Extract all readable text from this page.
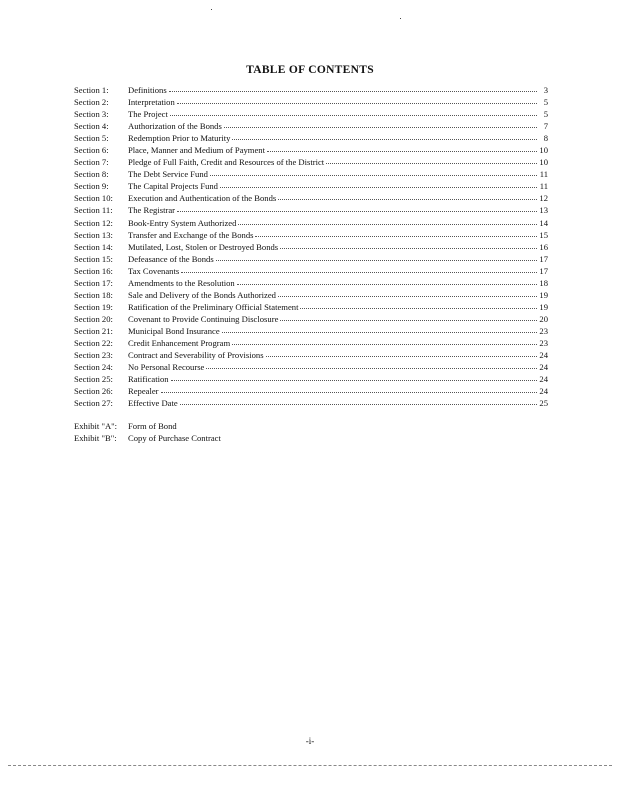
TABLE OF CONTENTS
Section 1:	Definitions	3
Section 2:	Interpretation	5
Section 3:	The Project	5
Section 4:	Authorization of the Bonds	7
Section 5:	Redemption Prior to Maturity	8
Section 6:	Place, Manner and Medium of Payment	10
Section 7:	Pledge of Full Faith, Credit and Resources of the District	10
Section 8:	The Debt Service Fund	11
Section 9:	The Capital Projects Fund	11
Section 10:	Execution and Authentication of the Bonds	12
Section 11:	The Registrar	13
Section 12:	Book-Entry System Authorized	14
Section 13:	Transfer and Exchange of the Bonds	15
Section 14:	Mutilated, Lost, Stolen or Destroyed Bonds	16
Section 15:	Defeasance of the Bonds	17
Section 16:	Tax Covenants	17
Section 17:	Amendments to the Resolution	18
Section 18:	Sale and Delivery of the Bonds Authorized	19
Section 19:	Ratification of the Preliminary Official Statement	19
Section 20:	Covenant to Provide Continuing Disclosure	20
Section 21:	Municipal Bond Insurance	23
Section 22:	Credit Enhancement Program	23
Section 23:	Contract and Severability of Provisions	24
Section 24:	No Personal Recourse	24
Section 25:	Ratification	24
Section 26:	Repealer	24
Section 27:	Effective Date	25
Exhibit "A":	Form of Bond
Exhibit "B":	Copy of Purchase Contract
-i-
